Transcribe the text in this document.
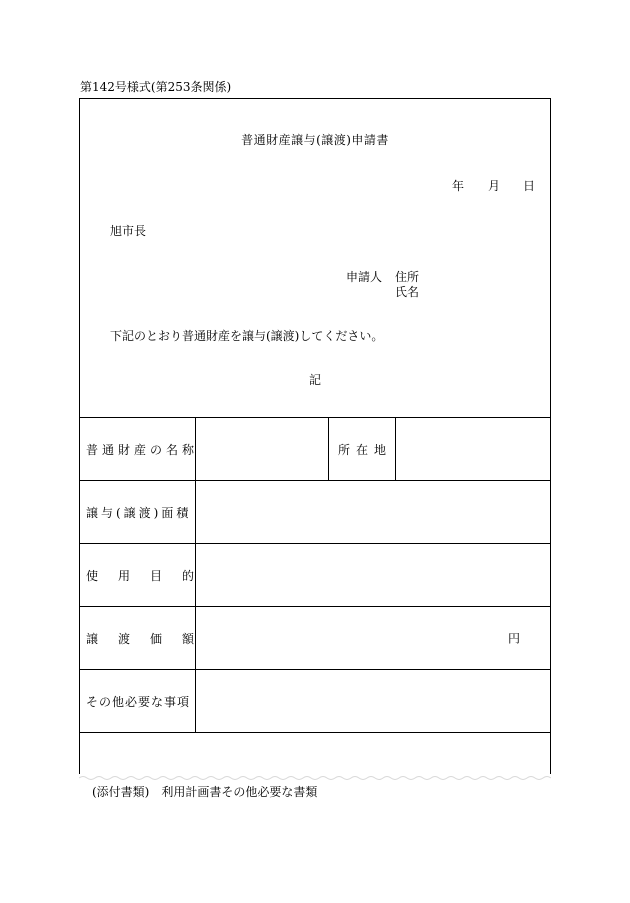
第142号様式(第253条関係)
普通財産譲与(譲渡)申請書
年 月 日
旭市長
申請人 住所
氏名
下記のとおり普通財産を譲与(譲渡)してください。
記
普通財産の名称	所在地
譲与(譲渡)面積
使用目的
譲渡価額	円
その他必要な事項
(添付書類)　利用計画書その他必要な書類
